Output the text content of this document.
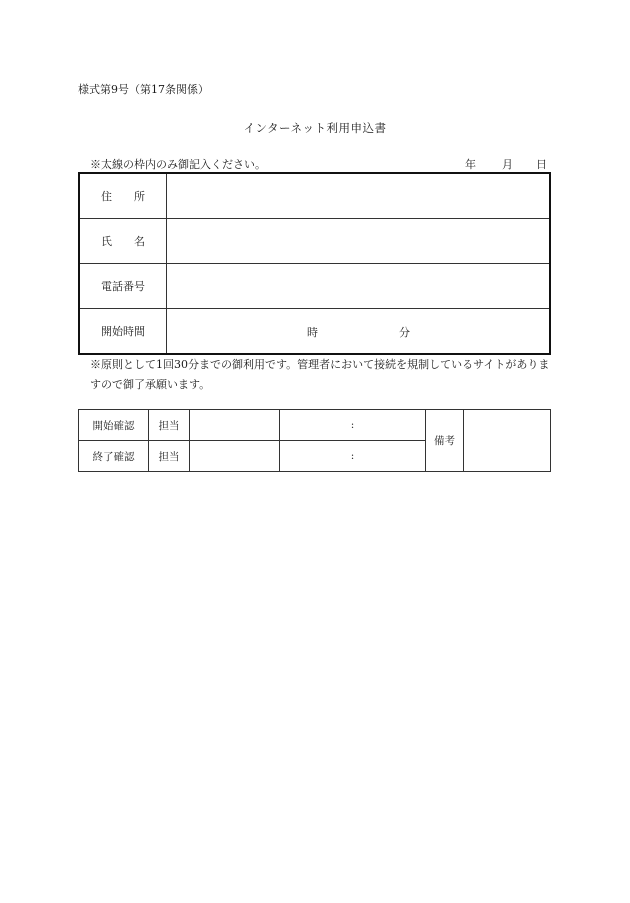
様式第9号（第17条関係）
インターネット利用申込書
※太線の枠内のみ御記入ください。	年 月 日
住　所	
氏　名	
電話番号	
開始時間	時 分
※原則として1回30分までの御利用です。管理者において接続を規制しているサイトがありますので御了承願います。
開始確認	担当		:	備考	
終了確認	担当		:		
